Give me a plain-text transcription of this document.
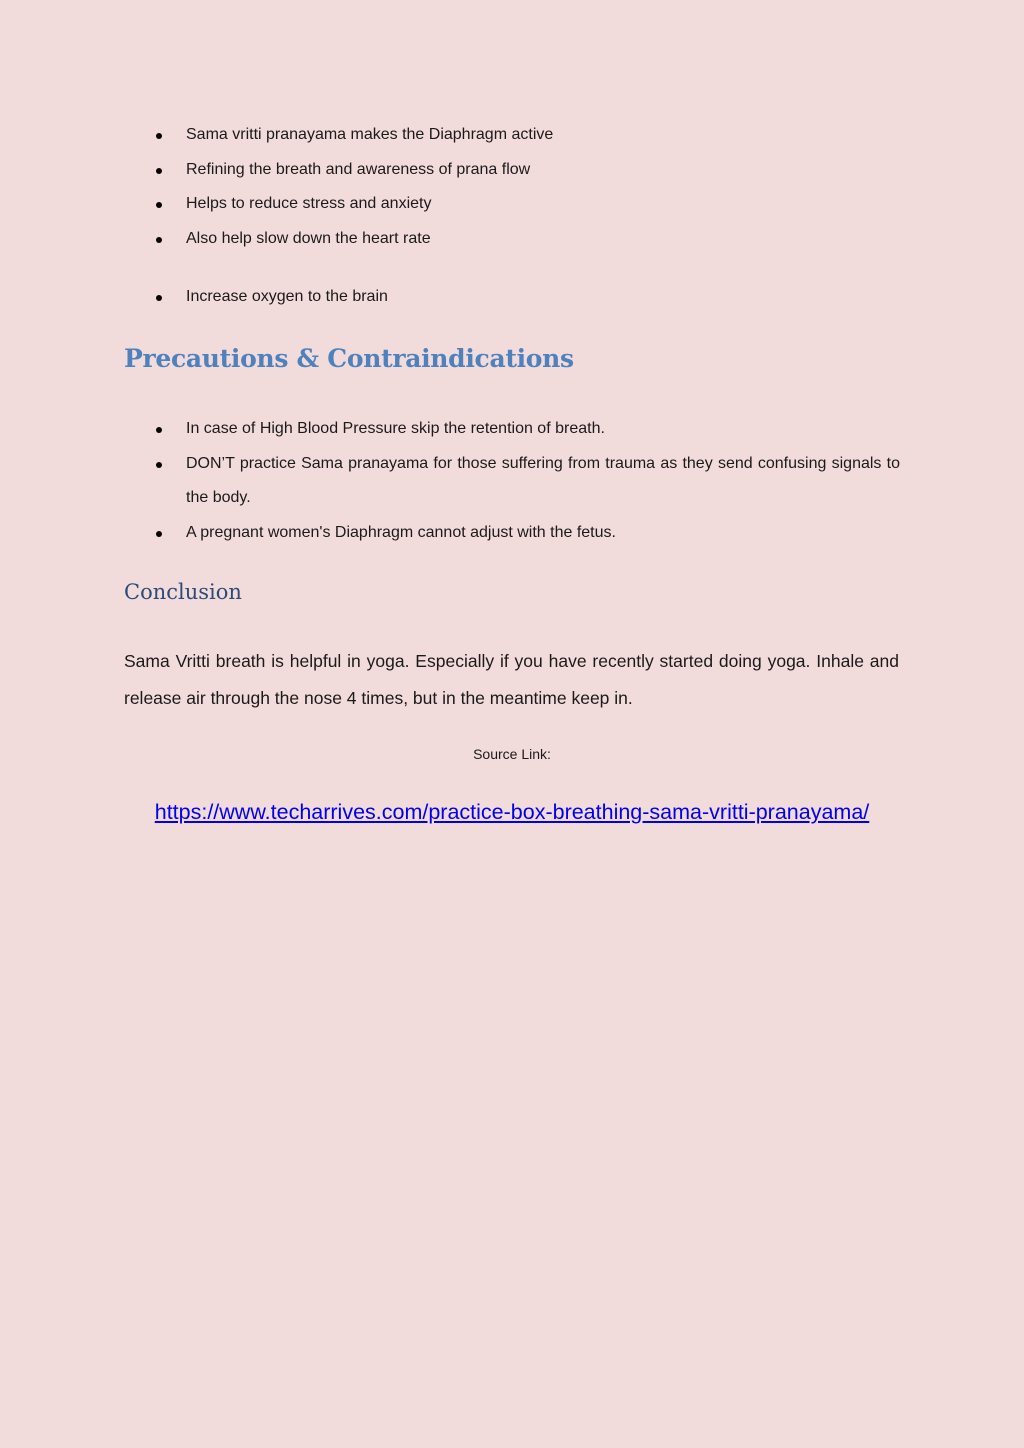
Sama vritti pranayama makes the Diaphragm active
Refining the breath and awareness of prana flow
Helps to reduce stress and anxiety
Also help slow down the heart rate
Increase oxygen to the brain
Precautions & Contraindications
In case of High Blood Pressure skip the retention of breath.
DON’T practice Sama pranayama for those suffering from trauma as they send confusing signals to the body.
A pregnant women's Diaphragm cannot adjust with the fetus.
Conclusion

Sama Vritti breath is helpful in yoga. Especially if you have recently started doing yoga. Inhale and release air through the nose 4 times, but in the meantime keep in.

Source Link:
https://www.techarrives.com/practice-box-breathing-sama-vritti-pranayama/
